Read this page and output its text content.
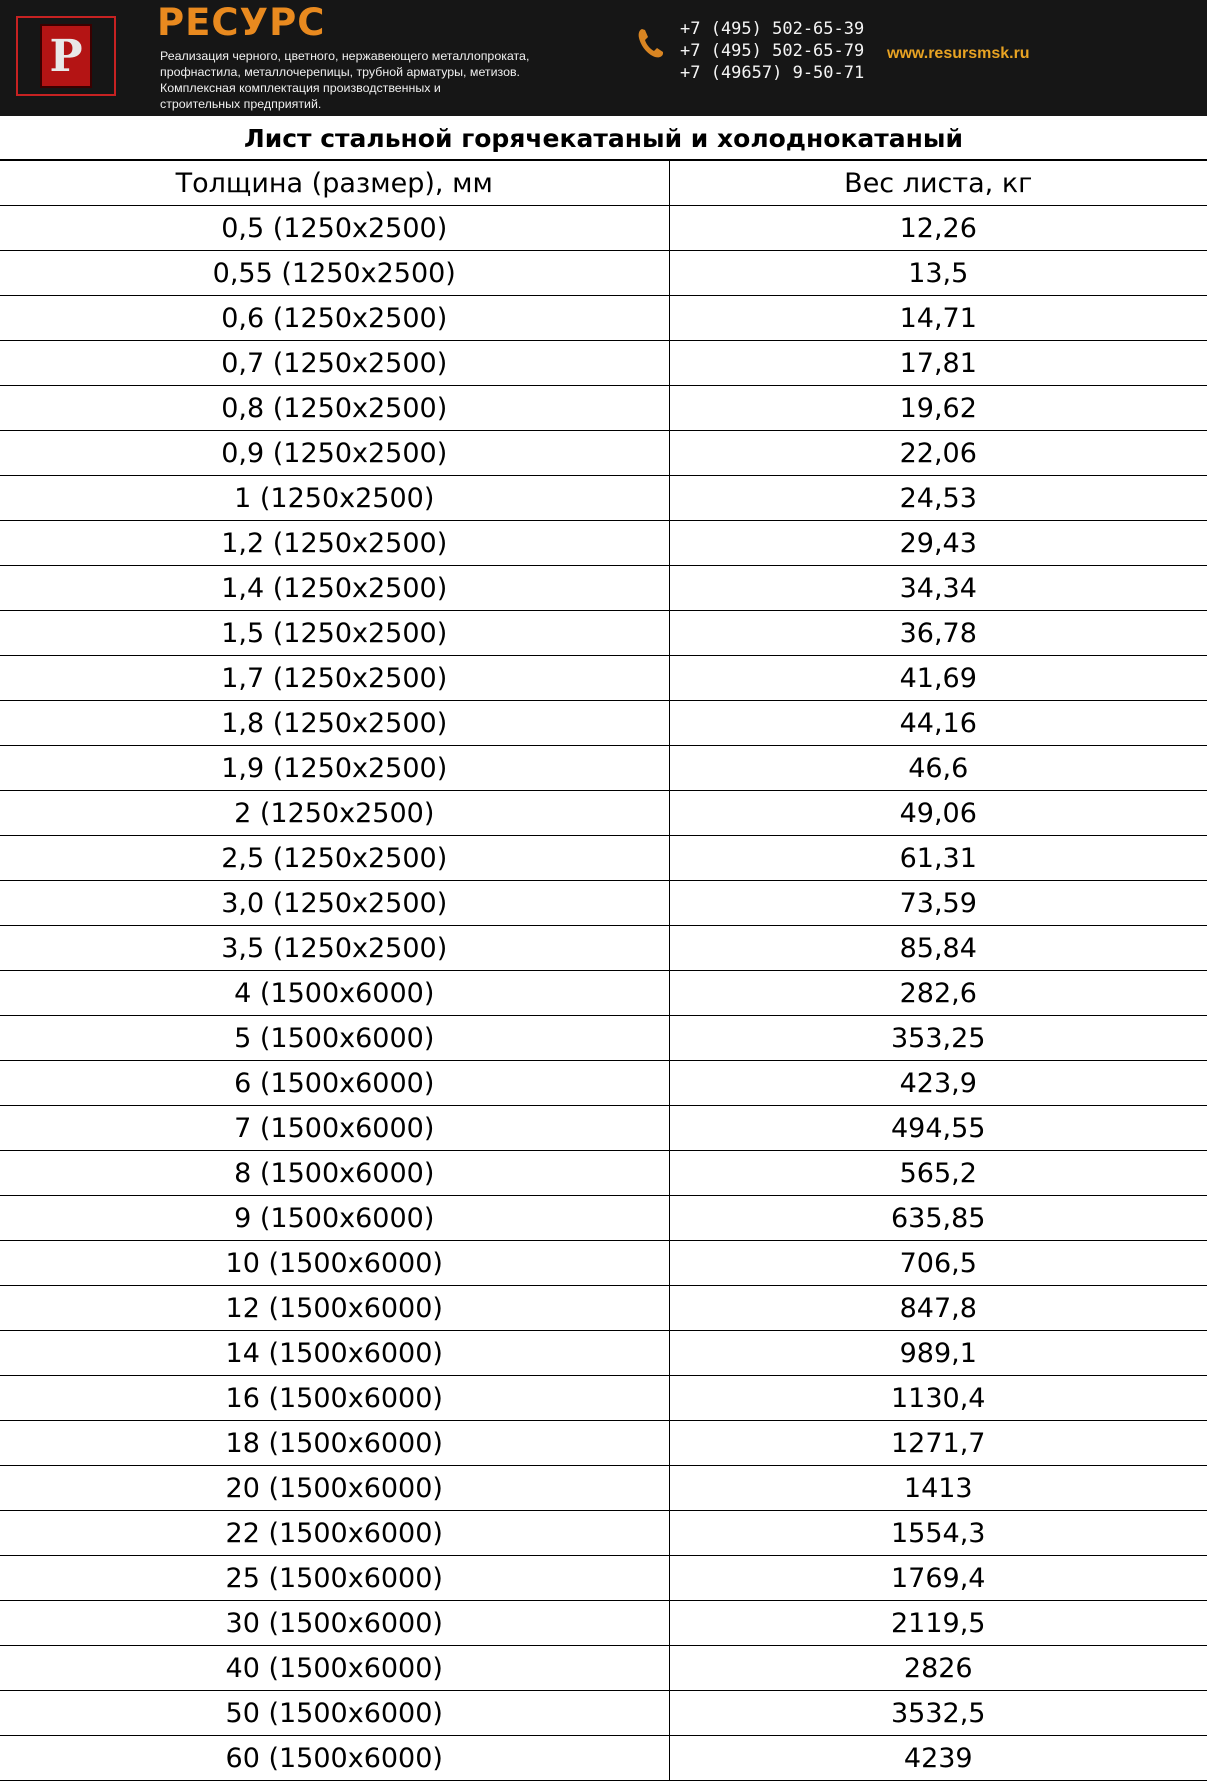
Р
РЕСУРС
Реализация черного, цветного, нержавеющего металлопроката,
профнастила, металлочерепицы, трубной арматуры, метизов.
Комплексная комплектация производственных и
строительных предприятий.
+7 (495) 502-65-39
+7 (495) 502-65-79
+7 (49657) 9-50-71
www.resursmsk.ru
Лист стальной горячекатаный и холоднокатаный
Толщина (размер), мм	Вес листа, кг
0,5 (1250x2500)	12,26
0,55 (1250x2500)	13,5
0,6 (1250x2500)	14,71
0,7 (1250x2500)	17,81
0,8 (1250x2500)	19,62
0,9 (1250x2500)	22,06
1 (1250x2500)	24,53
1,2 (1250x2500)	29,43
1,4 (1250x2500)	34,34
1,5 (1250x2500)	36,78
1,7 (1250x2500)	41,69
1,8 (1250x2500)	44,16
1,9 (1250x2500)	46,6
2 (1250x2500)	49,06
2,5 (1250x2500)	61,31
3,0 (1250x2500)	73,59
3,5 (1250x2500)	85,84
4 (1500x6000)	282,6
5 (1500x6000)	353,25
6 (1500x6000)	423,9
7 (1500x6000)	494,55
8 (1500x6000)	565,2
9 (1500x6000)	635,85
10 (1500x6000)	706,5
12 (1500x6000)	847,8
14 (1500x6000)	989,1
16 (1500x6000)	1130,4
18 (1500x6000)	1271,7
20 (1500x6000)	1413
22 (1500x6000)	1554,3
25 (1500x6000)	1769,4
30 (1500x6000)	2119,5
40 (1500x6000)	2826
50 (1500x6000)	3532,5
60 (1500x6000)	4239
